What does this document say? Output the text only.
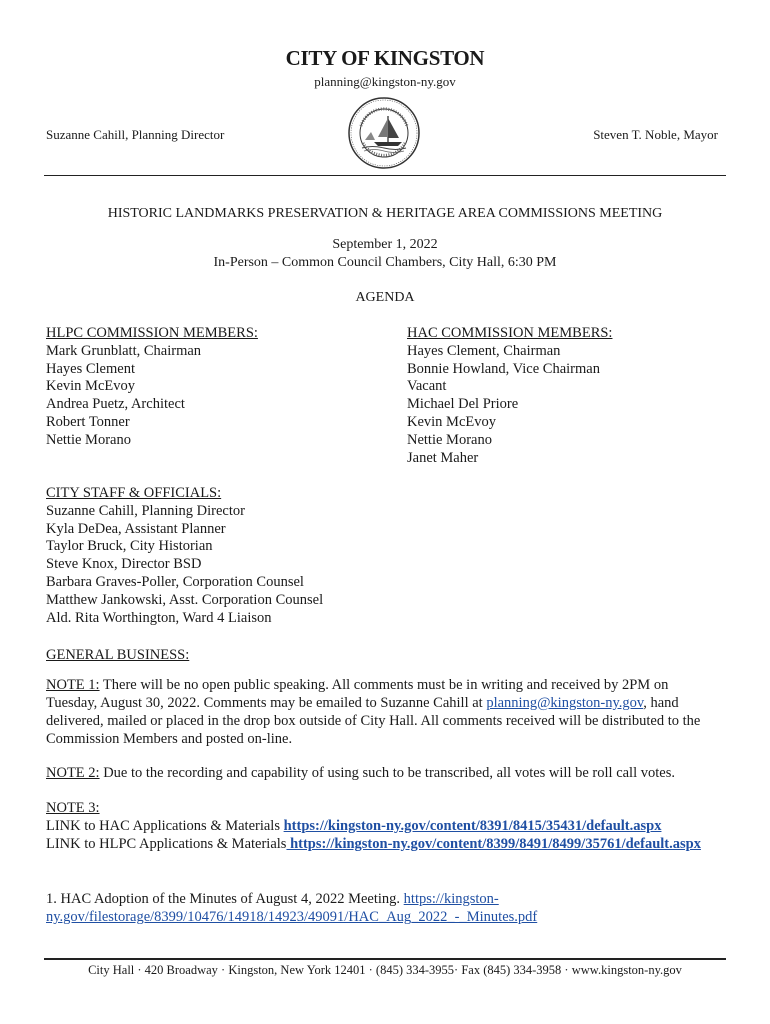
CITY OF KINGSTON
planning@kingston-ny.gov
Suzanne Cahill, Planning Director	Steven T. Noble, Mayor
HISTORIC LANDMARKS PRESERVATION & HERITAGE AREA COMMISSIONS MEETING
September 1, 2022
In-Person – Common Council Chambers, City Hall, 6:30 PM
AGENDA
HLPC COMMISSION MEMBERS:
Mark Grunblatt, Chairman
Hayes Clement
Kevin McEvoy
Andrea Puetz, Architect
Robert Tonner
Nettie Morano
HAC COMMISSION MEMBERS:
Hayes Clement, Chairman
Bonnie Howland, Vice Chairman
Vacant
Michael Del Priore
Kevin McEvoy
Nettie Morano
Janet Maher
CITY STAFF & OFFICIALS:
Suzanne Cahill, Planning Director
Kyla DeDea, Assistant Planner
Taylor Bruck, City Historian
Steve Knox, Director BSD
Barbara Graves-Poller, Corporation Counsel
Matthew Jankowski, Asst. Corporation Counsel
Ald. Rita Worthington, Ward 4 Liaison
GENERAL BUSINESS:
NOTE 1: There will be no open public speaking. All comments must be in writing and received by 2PM on Tuesday, August 30, 2022. Comments may be emailed to Suzanne Cahill at planning@kingston-ny.gov, hand delivered, mailed or placed in the drop box outside of City Hall. All comments received will be distributed to the Commission Members and posted on-line.
NOTE 2: Due to the recording and capability of using such to be transcribed, all votes will be roll call votes.
NOTE 3:
LINK to HAC Applications & Materials https://kingston-ny.gov/content/8391/8415/35431/default.aspx
LINK to HLPC Applications & Materials https://kingston-ny.gov/content/8399/8491/8499/35761/default.aspx
1. HAC Adoption of the Minutes of August 4, 2022 Meeting. https://kingston-ny.gov/filestorage/8399/10476/14918/14923/49091/HAC_Aug_2022_-_Minutes.pdf
City Hall · 420 Broadway · Kingston, New York 12401 · (845) 334-3955· Fax (845) 334-3958 · www.kingston-ny.gov
